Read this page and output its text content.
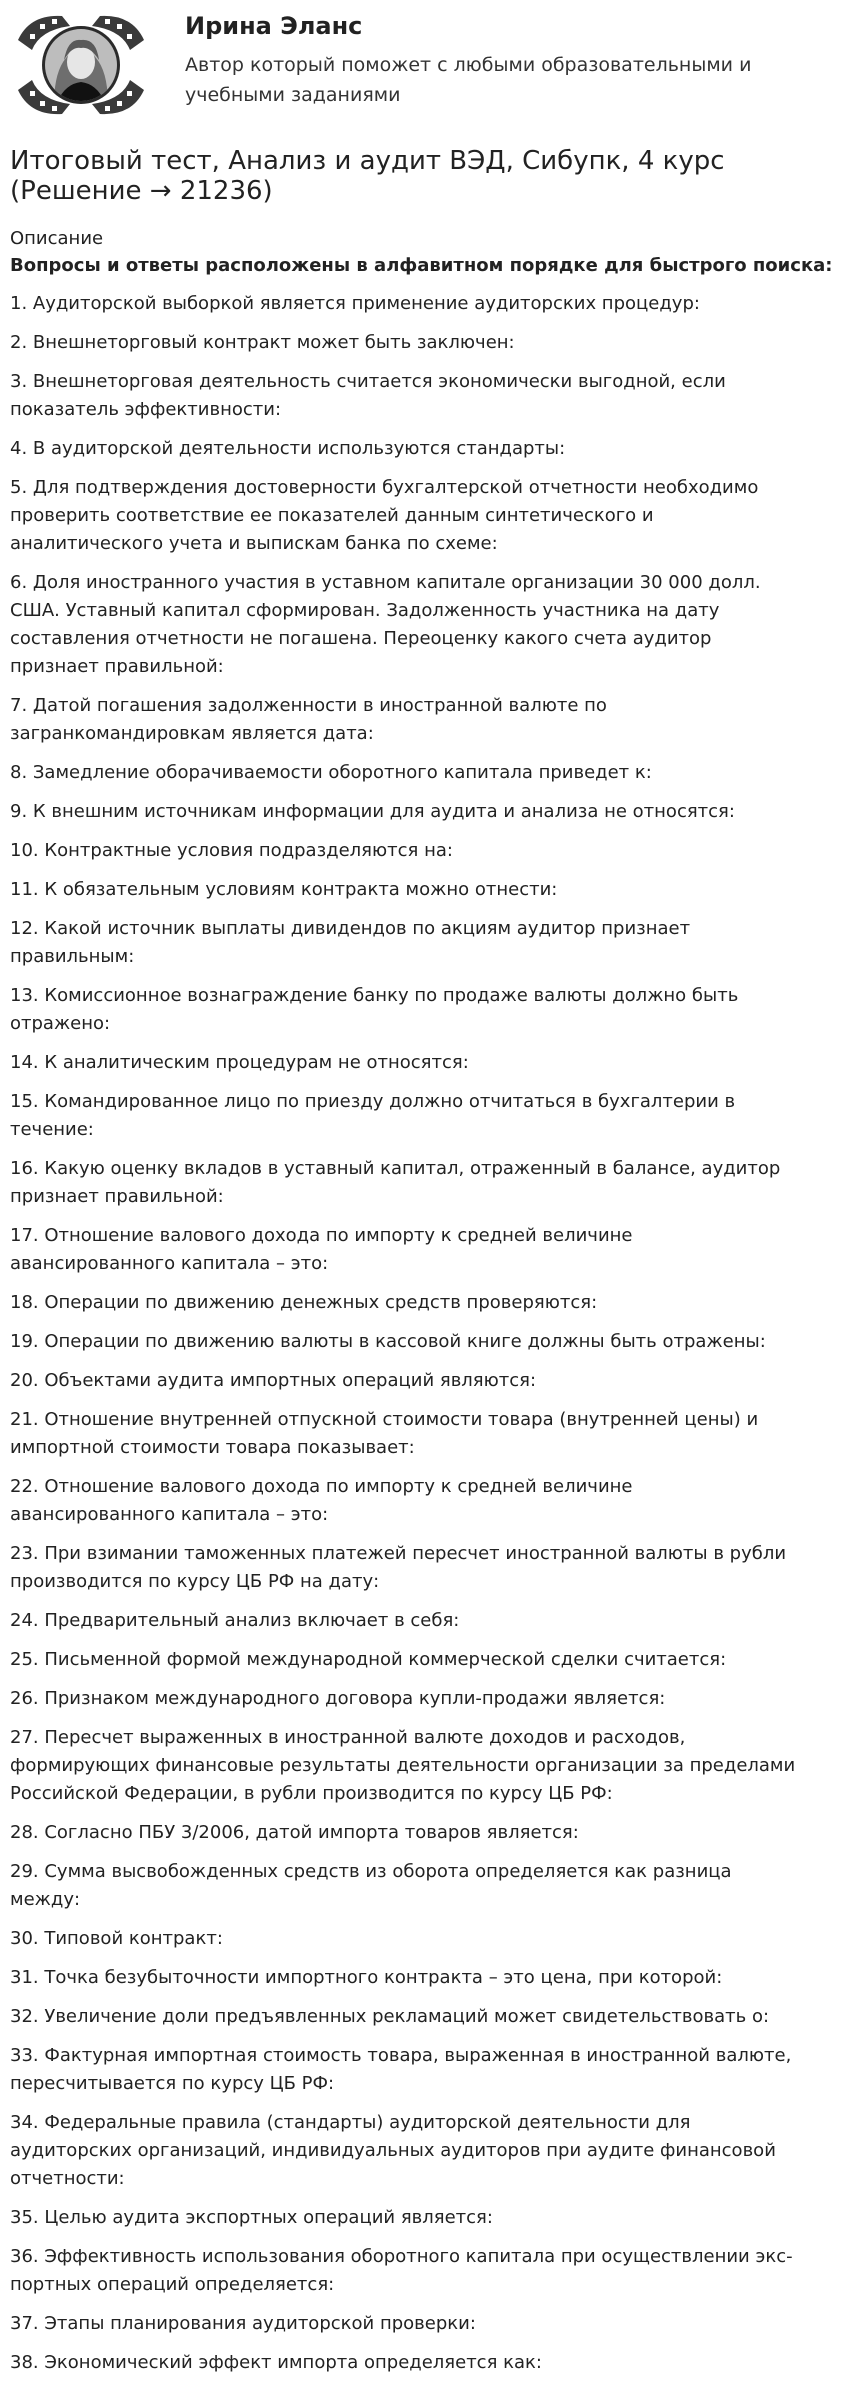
Ирина Эланс
Автор который поможет с любыми образовательными и учебными заданиями
Итоговый тест, Анализ и аудит ВЭД, Сибупк, 4 курс (Решение → 21236)
Описание
Вопросы и ответы расположены в алфавитном порядке для быстрого поиска:
1. Аудиторской выборкой является применение аудиторских процедур:
2. Внешнеторговый контракт может быть заключен:
3. Внешнеторговая деятельность считается экономически выгодной, если
показатель эффективности:
4. В аудиторской деятельности используются стандарты:
5. Для подтверждения достоверности бухгалтерской отчетности необходимо
проверить соответствие ее показателей данным синтетического и
аналитического учета и выпискам банка по схеме:
6. Доля иностранного участия в уставном капитале организации 30 000 долл.
США. Уставный капитал сформирован. Задолженность участника на дату
составления отчетности не погашена. Переоценку какого счета аудитор
признает правильной:
7. Датой погашения задолженности в иностранной валюте по
загранкомандировкам является дата:
8. Замедление оборачиваемости оборотного капитала приведет к:
9. К внешним источникам информации для аудита и анализа не относятся:
10. Контрактные условия подразделяются на:
11. К обязательным условиям контракта можно отнести:
12. Какой источник выплаты дивидендов по акциям аудитор признает
правильным:
13. Комиссионное вознаграждение банку по продаже валюты должно быть
отражено:
14. К аналитическим процедурам не относятся:
15. Командированное лицо по приезду должно отчитаться в бухгалтерии в
течение:
16. Какую оценку вкладов в уставный капитал, отраженный в балансе, аудитор
признает правильной:
17. Отношение валового дохода по импорту к средней величине
авансированного капитала – это:
18. Операции по движению денежных средств проверяются:
19. Операции по движению валюты в кассовой книге должны быть отражены:
20. Объектами аудита импортных операций являются:
21. Отношение внутренней отпускной стоимости товара (внутренней цены) и
импортной стоимости товара показывает:
22. Отношение валового дохода по импорту к средней величине
авансированного капитала – это:
23. При взимании таможенных платежей пересчет иностранной валюты в рубли
производится по курсу ЦБ РФ на дату:
24. Предварительный анализ включает в себя:
25. Письменной формой международной коммерческой сделки считается:
26. Признаком международного договора купли-продажи является:
27. Пересчет выраженных в иностранной валюте доходов и расходов,
формирующих финансовые результаты деятельности организации за пределами
Российской Федерации, в рубли производится по курсу ЦБ РФ:
28. Согласно ПБУ 3/2006, датой импорта товаров является:
29. Сумма высвобожденных средств из оборота определяется как разница
между:
30. Типовой контракт:
31. Точка безубыточности импортного контракта – это цена, при которой:
32. Увеличение доли предъявленных рекламаций может свидетельствовать о:
33. Фактурная импортная стоимость товара, выраженная в иностранной валюте,
пересчитывается по курсу ЦБ РФ:
34. Федеральные правила (стандарты) аудиторской деятельности для
аудиторских организаций, индивидуальных аудиторов при аудите финансовой
отчетности:
35. Целью аудита экспортных операций является:
36. Эффективность использования оборотного капитала при осуществлении экс-
портных операций определяется:
37. Этапы планирования аудиторской проверки:
38. Экономический эффект импорта определяется как:
